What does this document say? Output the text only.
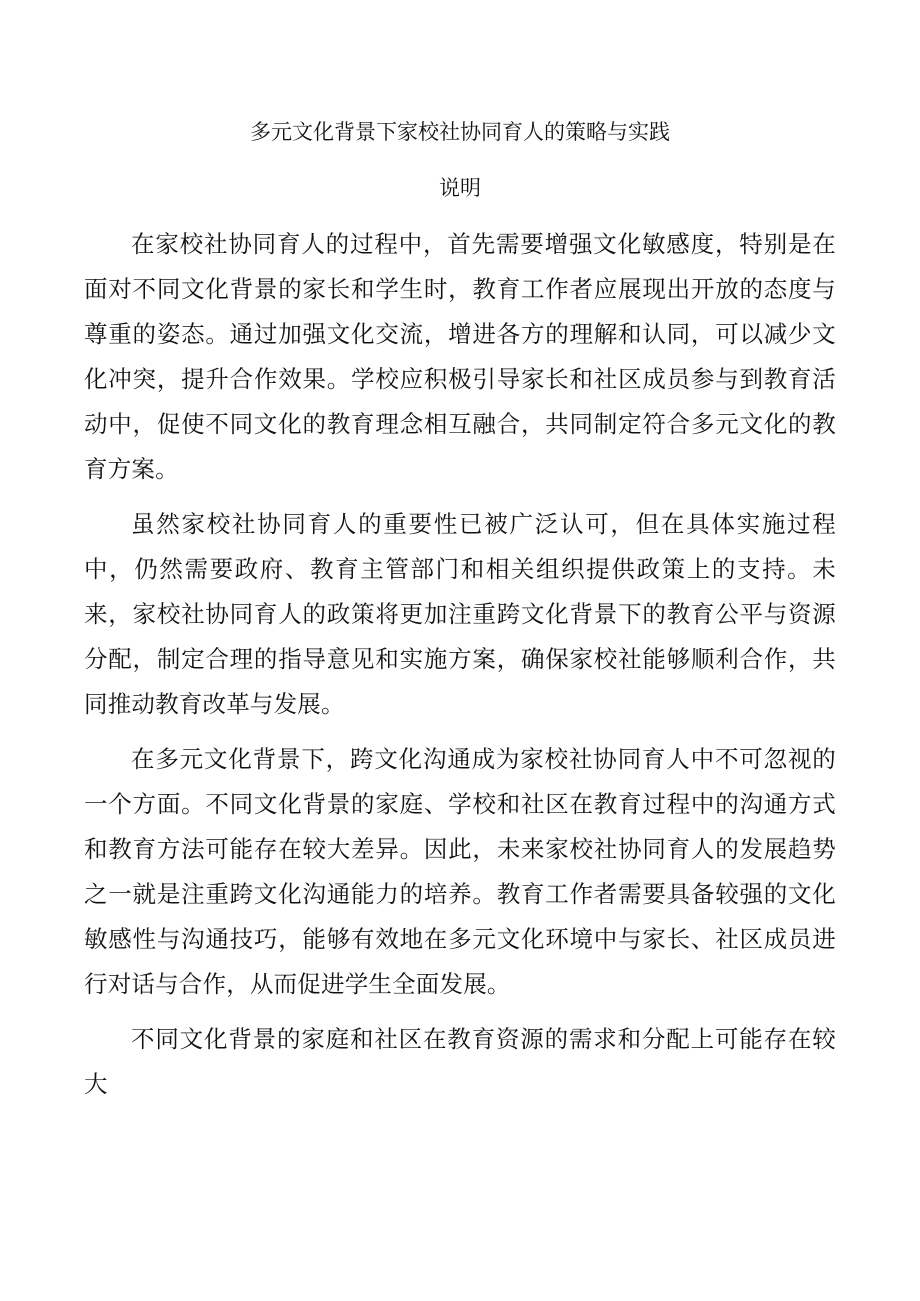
多元文化背景下家校社协同育人的策略与实践
说明

在家校社协同育人的过程中，首先需要增强文化敏感度，特别是在面对不同文化背景的家长和学生时，教育工作者应展现出开放的态度与尊重的姿态。通过加强文化交流，增进各方的理解和认同，可以减少文化冲突，提升合作效果。学校应积极引导家长和社区成员参与到教育活动中，促使不同文化的教育理念相互融合，共同制定符合多元文化的教育方案。

虽然家校社协同育人的重要性已被广泛认可，但在具体实施过程中，仍然需要政府、教育主管部门和相关组织提供政策上的支持。未来，家校社协同育人的政策将更加注重跨文化背景下的教育公平与资源分配，制定合理的指导意见和实施方案，确保家校社能够顺利合作，共同推动教育改革与发展。

在多元文化背景下，跨文化沟通成为家校社协同育人中不可忽视的一个方面。不同文化背景的家庭、学校和社区在教育过程中的沟通方式和教育方法可能存在较大差异。因此，未来家校社协同育人的发展趋势之一就是注重跨文化沟通能力的培养。教育工作者需要具备较强的文化敏感性与沟通技巧，能够有效地在多元文化环境中与家长、社区成员进行对话与合作，从而促进学生全面发展。

不同文化背景的家庭和社区在教育资源的需求和分配上可能存在较大
